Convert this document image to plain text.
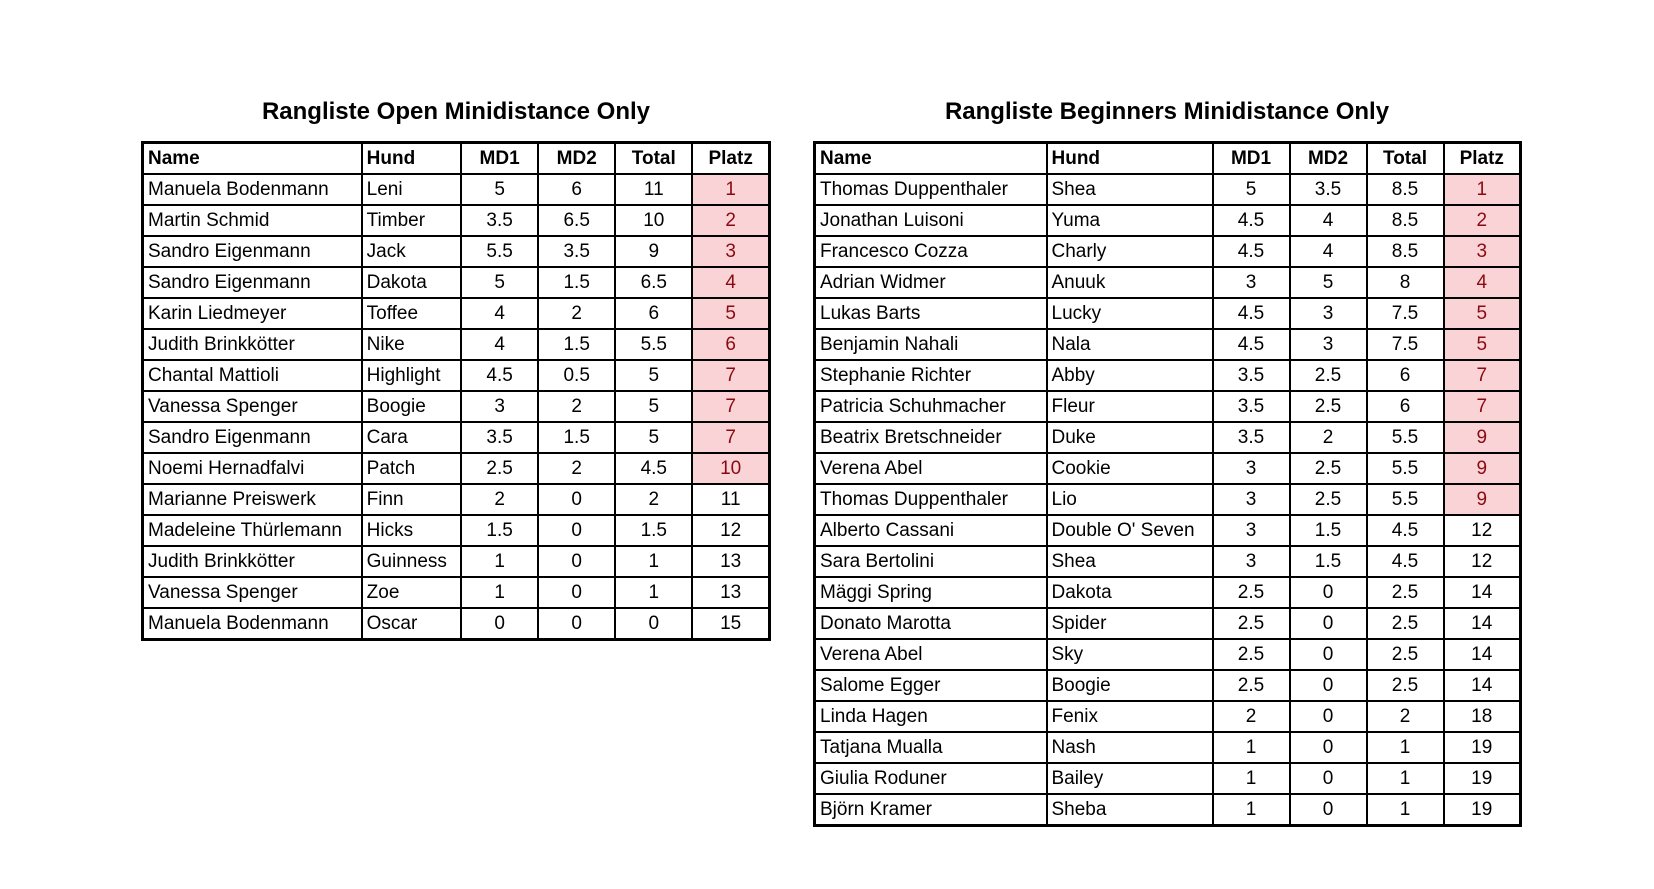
Rangliste Open Minidistance Only
Name	Hund	MD1	MD2	Total	Platz
Manuela Bodenmann	Leni	5	6	11	1
Martin Schmid	Timber	3.5	6.5	10	2
Sandro Eigenmann	Jack	5.5	3.5	9	3
Sandro Eigenmann	Dakota	5	1.5	6.5	4
Karin Liedmeyer	Toffee	4	2	6	5
Judith Brinkkötter	Nike	4	1.5	5.5	6
Chantal Mattioli	Highlight	4.5	0.5	5	7
Vanessa Spenger	Boogie	3	2	5	7
Sandro Eigenmann	Cara	3.5	1.5	5	7
Noemi Hernadfalvi	Patch	2.5	2	4.5	10
Marianne Preiswerk	Finn	2	0	2	11
Madeleine Thürlemann	Hicks	1.5	0	1.5	12
Judith Brinkkötter	Guinness	1	0	1	13
Vanessa Spenger	Zoe	1	0	1	13
Manuela Bodenmann	Oscar	0	0	0	15
Rangliste Beginners Minidistance Only
Name	Hund	MD1	MD2	Total	Platz
Thomas Duppenthaler	Shea	5	3.5	8.5	1
Jonathan Luisoni	Yuma	4.5	4	8.5	2
Francesco Cozza	Charly	4.5	4	8.5	3
Adrian Widmer	Anuuk	3	5	8	4
Lukas Barts	Lucky	4.5	3	7.5	5
Benjamin Nahali	Nala	4.5	3	7.5	5
Stephanie Richter	Abby	3.5	2.5	6	7
Patricia Schuhmacher	Fleur	3.5	2.5	6	7
Beatrix Bretschneider	Duke	3.5	2	5.5	9
Verena Abel	Cookie	3	2.5	5.5	9
Thomas Duppenthaler	Lio	3	2.5	5.5	9
Alberto Cassani	Double O' Seven	3	1.5	4.5	12
Sara Bertolini	Shea	3	1.5	4.5	12
Mäggi Spring	Dakota	2.5	0	2.5	14
Donato Marotta	Spider	2.5	0	2.5	14
Verena Abel	Sky	2.5	0	2.5	14
Salome Egger	Boogie	2.5	0	2.5	14
Linda Hagen	Fenix	2	0	2	18
Tatjana Mualla	Nash	1	0	1	19
Giulia Roduner	Bailey	1	0	1	19
Björn Kramer	Sheba	1	0	1	19
